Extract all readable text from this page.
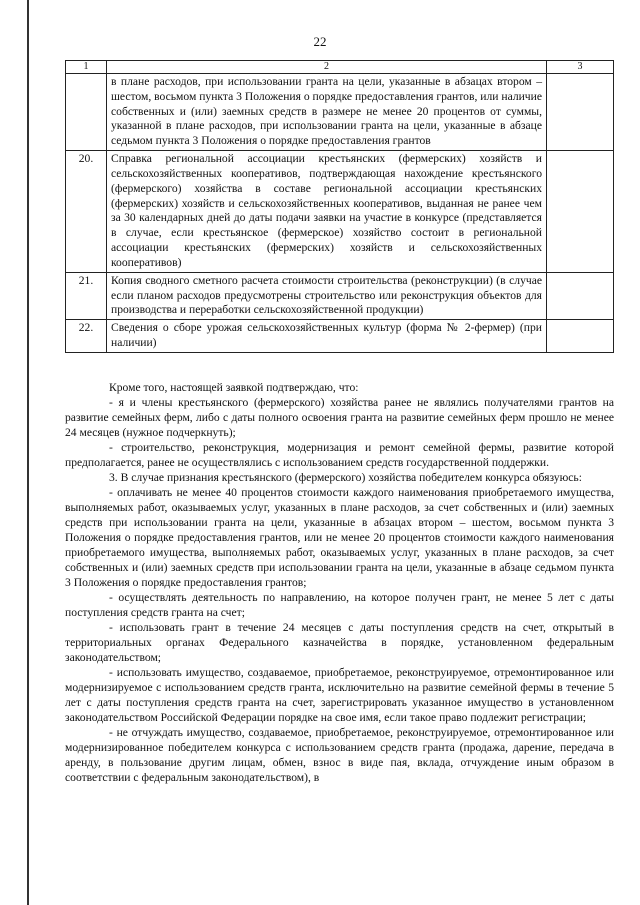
22
1	2	3
	в плане расходов, при использовании гранта на цели, указанные в абзацах втором – шестом, восьмом пункта 3 Положения о порядке предоставления грантов, или наличие собственных и (или) заемных средств в размере не менее 20 процентов от суммы, указанной в плане расходов, при использовании гранта на цели, указанные в абзаце седьмом пункта 3 Положения о порядке предоставления грантов	
20.	Справка региональной ассоциации крестьянских (фермерских) хозяйств и сельскохозяйственных кооперативов, подтверждающая нахождение крестьянского (фермерского) хозяйства в составе региональной ассоциации крестьянских (фермерских) хозяйств и сельскохозяйственных кооперативов, выданная не ранее чем за 30 календарных дней до даты подачи заявки на участие в конкурсе (представляется в случае, если крестьянское (фермерское) хозяйство состоит в региональной ассоциации крестьянских (фермерских) хозяйств и сельскохозяйственных кооперативов)	
21.	Копия сводного сметного расчета стоимости строительства (реконструкции) (в случае если планом расходов предусмотрены строительство или реконструкция объектов для производства и переработки сельскохозяйственной продукции)	
22.	Сведения о сборе урожая сельскохозяйственных культур (форма № 2-фермер) (при наличии)	

Кроме того, настоящей заявкой подтверждаю, что:

- я и члены крестьянского (фермерского) хозяйства ранее не являлись получателями грантов на развитие семейных ферм, либо с даты полного освоения гранта на развитие семейных ферм прошло не менее 24 месяцев (нужное подчеркнуть);

- строительство, реконструкция, модернизация и ремонт семейной фермы, развитие которой предполагается, ранее не осуществлялись с использованием средств государственной поддержки.

3. В случае признания крестьянского (фермерского) хозяйства победителем конкурса обязуюсь:

- оплачивать не менее 40 процентов стоимости каждого наименования приобретаемого имущества, выполняемых работ, оказываемых услуг, указанных в плане расходов, за счет собственных и (или) заемных средств при использовании гранта на цели, указанные в абзацах втором – шестом, восьмом пункта 3 Положения о порядке предоставления грантов, или не менее 20 процентов стоимости каждого наименования приобретаемого имущества, выполняемых работ, оказываемых услуг, указанных в плане расходов, за счет собственных и (или) заемных средств при использовании гранта на цели, указанные в абзаце седьмом пункта 3 Положения о порядке предоставления грантов;

- осуществлять деятельность по направлению, на которое получен грант, не менее 5 лет с даты поступления средств гранта на счет;

- использовать грант в течение 24 месяцев с даты поступления средств на счет, открытый в территориальных органах Федерального казначейства в порядке, установленном федеральным законодательством;

- использовать имущество, создаваемое, приобретаемое, реконструируемое, отремонтированное или модернизируемое с использованием средств гранта, исключительно на развитие семейной фермы в течение 5 лет с даты поступления средств гранта на счет, зарегистрировать указанное имущество в установленном законодательством Российской Федерации порядке на свое имя, если такое право подлежит регистрации;

- не отчуждать имущество, создаваемое, приобретаемое, реконструируемое, отремонтированное или модернизированное победителем конкурса с использованием средств гранта (продажа, дарение, передача в аренду, в пользование другим лицам, обмен, взнос в виде пая, вклада, отчуждение иным образом в соответствии с федеральным законодательством), в
